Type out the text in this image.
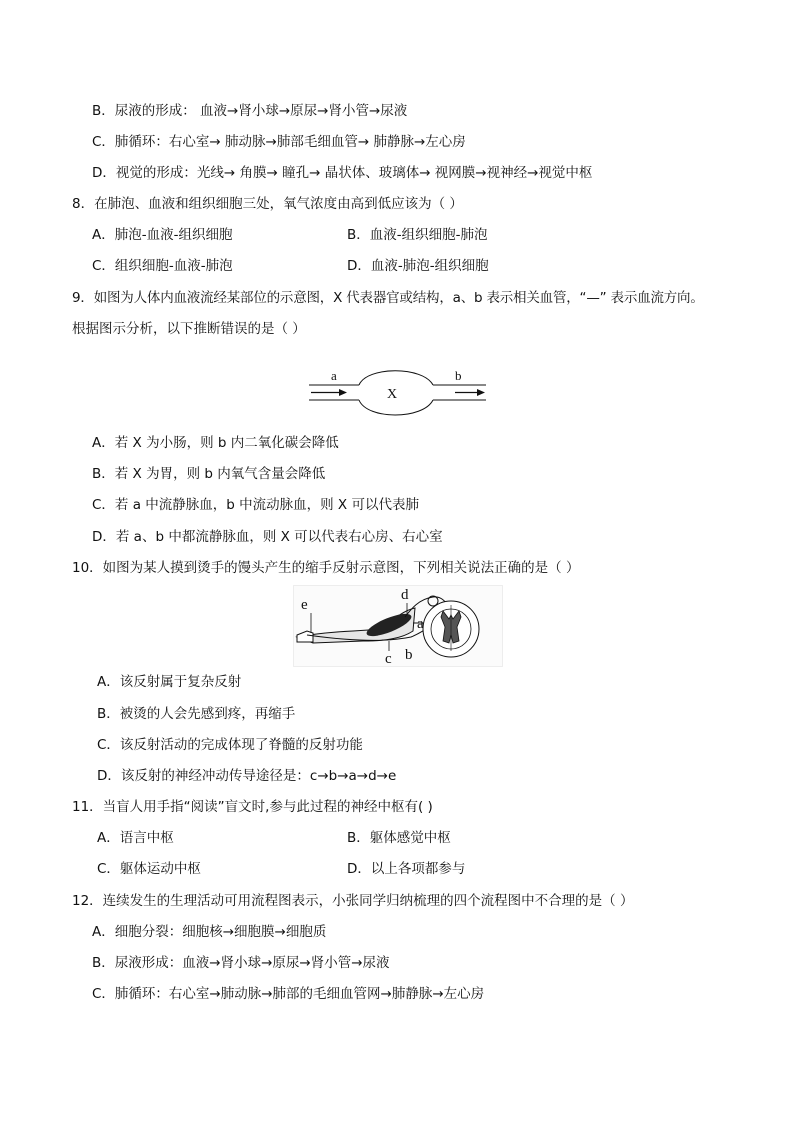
B．尿液的形成： 血液→肾小球→原尿→肾小管→尿液
C．肺循环：右心室→ 肺动脉→肺部毛细血管→ 肺静脉→左心房
D．视觉的形成：光线→ 角膜→ 瞳孔→ 晶状体、玻璃体→ 视网膜→视神经→视觉中枢
8．在肺泡、血液和组织细胞三处，氧气浓度由高到低应该为（ ）
A．肺泡-血液-组织细胞	B．血液-组织细胞-肺泡
C．组织细胞-血液-肺泡	D．血液-肺泡-组织细胞
9．如图为人体内血液流经某部位的示意图，X 代表器官或结构，a、b 表示相关血管，“—” 表示血流方向。
根据图示分析，以下推断错误的是（ ）
a	b
X
A．若 X 为小肠，则 b 内二氧化碳会降低
B．若 X 为胃，则 b 内氧气含量会降低
C．若 a 中流静脉血，b 中流动脉血，则 X 可以代表肺
D．若 a、b 中都流静脉血，则 X 可以代表右心房、右心室
10．如图为某人摸到烫手的馒头产生的缩手反射示意图，下列相关说法正确的是（ ）
e
d
a
c b
A．该反射属于复杂反射
B．被烫的人会先感到疼，再缩手
C．该反射活动的完成体现了脊髓的反射功能
D．该反射的神经冲动传导途径是：c→b→a→d→e
11．当盲人用手指“阅读”盲文时,参与此过程的神经中枢有( )
A．语言中枢	B．躯体感觉中枢
C．躯体运动中枢	D．以上各项都参与
12．连续发生的生理活动可用流程图表示，小张同学归纳梳理的四个流程图中不合理的是（ ）
A．细胞分裂：细胞核→细胞膜→细胞质
B．尿液形成：血液→肾小球→原尿→肾小管→尿液
C．肺循环：右心室→肺动脉→肺部的毛细血管网→肺静脉→左心房
